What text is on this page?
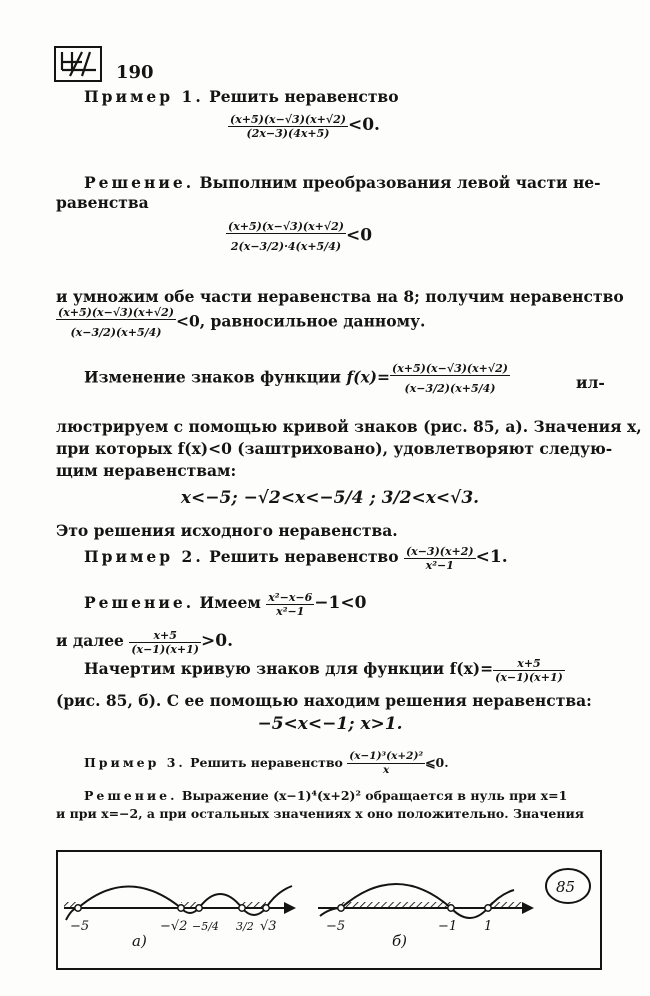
190
Пример 1. Решить неравенство
$\frac{(x+5)(x-√3)(x+√2)}{(2x-3)(4x+5)} <0$.
Решение. Выполним преобразования левой части не-
равенства
$\frac{(x+5)(x-√3)(x+√2)}{2(x-3/2)\cdot 4(x+5/4)} <0$
и умножим обе части неравенства на 8; получим неравенство
$\frac{(x+5)(x-√3)(x+√2)}{(x-3/2)(x+5/4)} <0$, равносильное данному.
Изменение знаков функции $f(x)= \frac{(x+5)(x-√3)(x+√2)}{(x-3/2)(x+5/4)}$	ил-
люстрируем с помощью кривой знаков (рис. 85, а). Значения x,
при которых f(x)<0 (заштриховано), удовлетворяют следую-
щим неравенствам:
x<−5; −√2<x<−5/4 ; 3/2<x<√3.
Это решения исходного неравенства.
Пример 2. Решить неравенство $\frac{(x-3)(x+2)}{\text{x²−1}} <1$.
Решение. Имеем $\frac{\text{x²−x−6}}{\text{x²−1}} -1<0$
и далее $\frac{x+5}{(x-1)(x+1)} >0$.
Начертим кривую знаков для функции $f(x)= \frac{x+5}{(x-1)(x+1)}$
(рис. 85, б). С ее помощью находим решения неравенства:
−5<x<−1; x>1.
Пример 3. Решить неравенство $\frac{\text{(x−1)³(x+2)²}}{x}$ ⩽0.
Решение. Выражение (x−1)⁴(x+2)² обращается в нуль при x=1
и при x=−2, а при остальных значениях x оно положительно. Значения
−5	−√2 −5/4 3/2 √3
а)
−5	−1 1
б)
85
